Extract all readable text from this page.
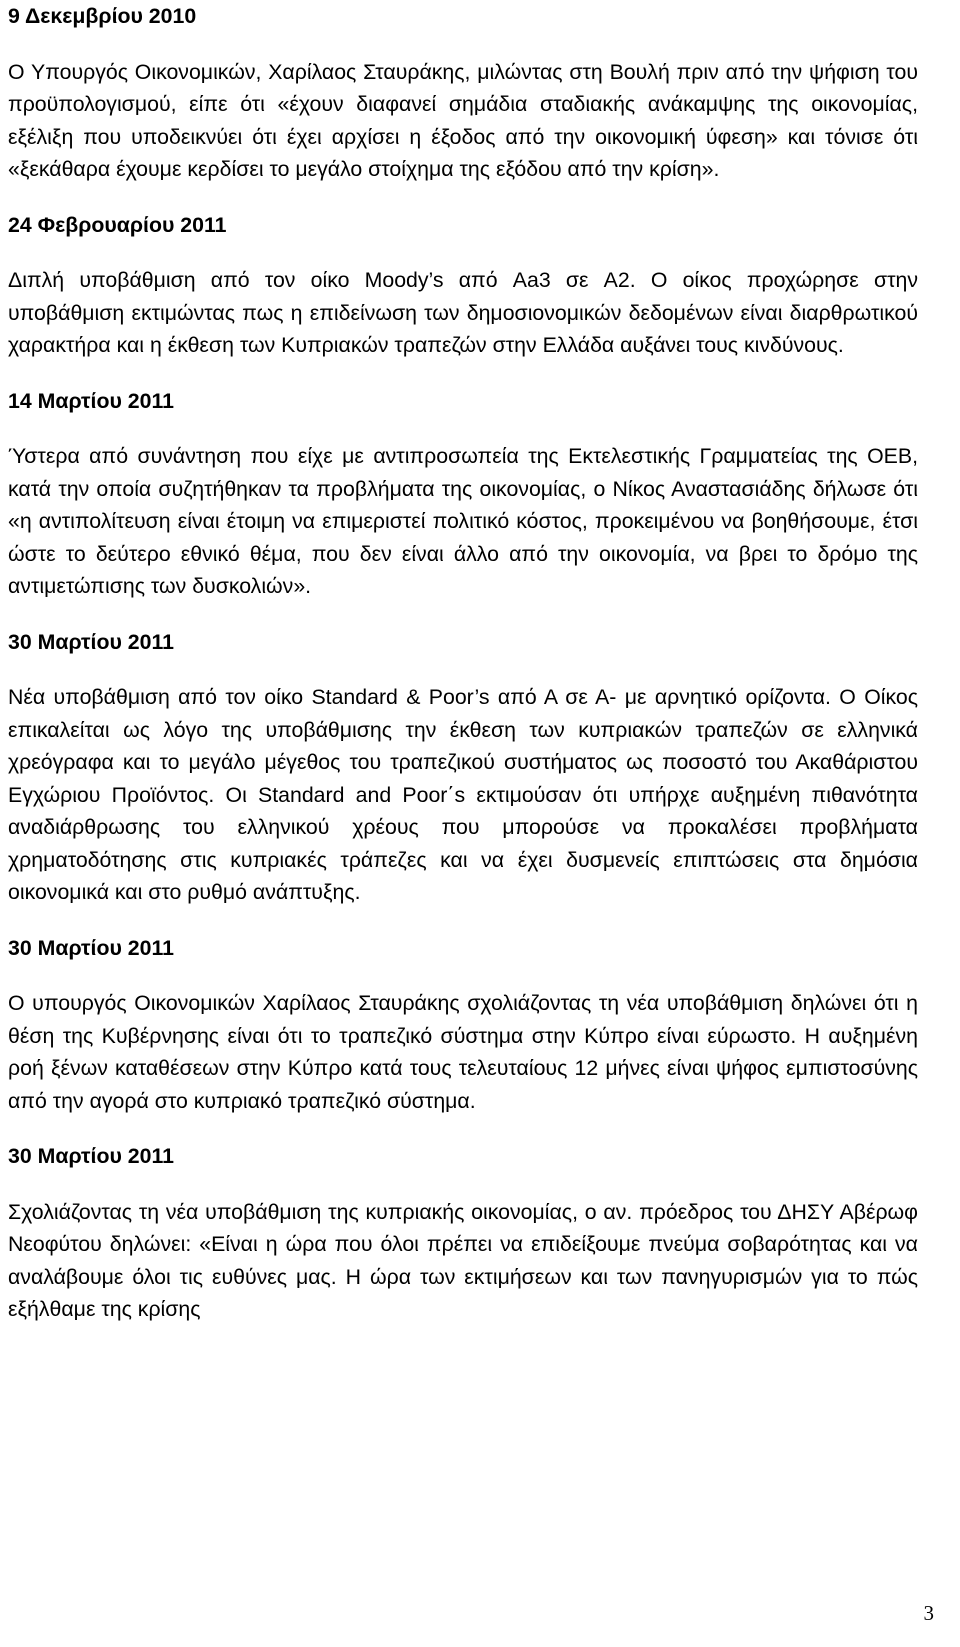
9 Δεκεμβρίου 2010

Ο Υπουργός Οικονομικών, Χαρίλαος Σταυράκης, μιλώντας στη Βουλή πριν από την ψήφιση του προϋπολογισμού, είπε ότι «έχουν διαφανεί σημάδια σταδιακής ανάκαμψης της οικονομίας, εξέλιξη που υποδεικνύει ότι έχει αρχίσει η έξοδος από την οικονομική ύφεση» και τόνισε ότι «ξεκάθαρα έχουμε κερδίσει το μεγάλο στοίχημα της εξόδου από την κρίση».

24 Φεβρουαρίου 2011

Διπλή υποβάθμιση από τον οίκο Moody’s από Aa3 σε A2. Ο οίκος προχώρησε στην υποβάθμιση εκτιμώντας πως η επιδείνωση των δημοσιονομικών δεδομένων είναι διαρθρωτικού χαρακτήρα και η έκθεση των Κυπριακών τραπεζών στην Ελλάδα αυξάνει τους κινδύνους.

14 Μαρτίου 2011

Ύστερα από συνάντηση που είχε με αντιπροσωπεία της Εκτελεστικής Γραμματείας της ΟΕΒ, κατά την οποία συζητήθηκαν τα προβλήματα της οικονομίας, ο Νίκος Αναστασιάδης δήλωσε ότι «η αντιπολίτευση είναι έτοιμη να επιμεριστεί πολιτικό κόστος, προκειμένου να βοηθήσουμε, έτσι ώστε το δεύτερο εθνικό θέμα, που δεν είναι άλλο από την οικονομία, να βρει το δρόμο της αντιμετώπισης των δυσκολιών».

30 Μαρτίου 2011

Νέα υποβάθμιση από τον οίκο Standard & Poor’s από Α σε Α- με αρνητικό ορίζοντα. Ο Οίκος επικαλείται ως λόγο της υποβάθμισης την έκθεση των κυπριακών τραπεζών σε ελληνικά χρεόγραφα και το μεγάλο μέγεθος του τραπεζικού συστήματος ως ποσοστό του Ακαθάριστου Εγχώριου Προϊόντος. Οι Standard and Poor΄s εκτιμούσαν ότι υπήρχε αυξημένη πιθανότητα αναδιάρθρωσης του ελληνικού χρέους που μπορούσε να προκαλέσει προβλήματα χρηματοδότησης στις κυπριακές τράπεζες και να έχει δυσμενείς επιπτώσεις στα δημόσια οικονομικά και στο ρυθμό ανάπτυξης.

30 Μαρτίου 2011

Ο υπουργός Οικονομικών Χαρίλαος Σταυράκης σχολιάζοντας τη νέα υποβάθμιση δηλώνει ότι η θέση της Κυβέρνησης είναι ότι το τραπεζικό σύστημα στην Κύπρο είναι εύρωστο. Η αυξημένη ροή ξένων καταθέσεων στην Κύπρο κατά τους τελευταίους 12 μήνες είναι ψήφος εμπιστοσύνης από την αγορά στο κυπριακό τραπεζικό σύστημα.

30 Μαρτίου 2011

Σχολιάζοντας τη νέα υποβάθμιση της κυπριακής οικονομίας, ο αν. πρόεδρος του ΔΗΣΥ Αβέρωφ Νεοφύτου δηλώνει: «Είναι η ώρα που όλοι πρέπει να επιδείξουμε πνεύμα σοβαρότητας και να αναλάβουμε όλοι τις ευθύνες μας. Η ώρα των εκτιμήσεων και των πανηγυρισμών για το πώς εξήλθαμε της κρίσης

3
